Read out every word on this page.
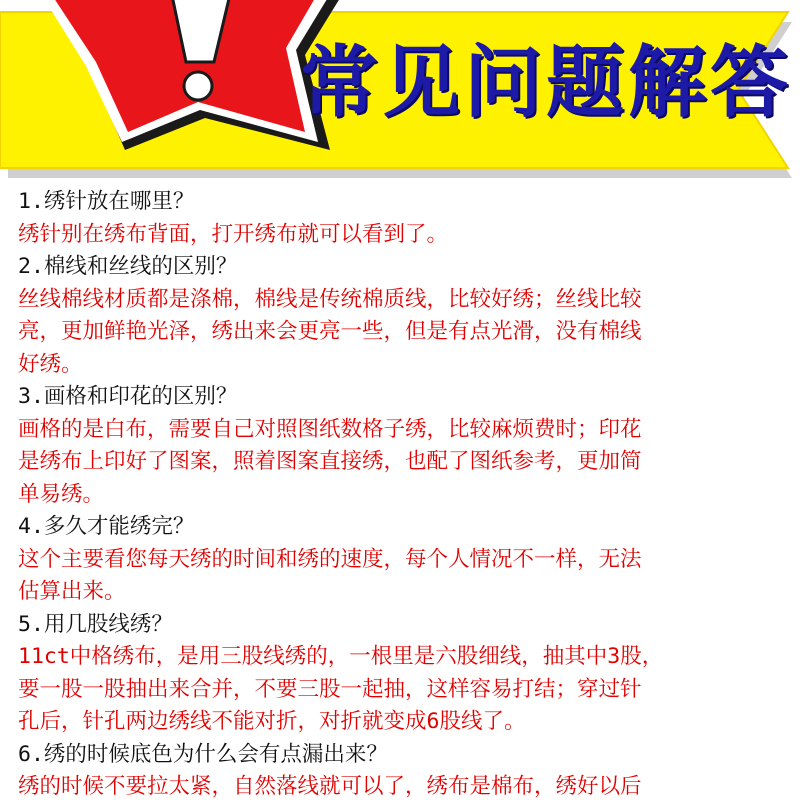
常见问题解答
1.绣针放在哪里？
绣针别在绣布背面，打开绣布就可以看到了。
2.棉线和丝线的区别？
丝线棉线材质都是涤棉，棉线是传统棉质线，比较好绣；丝线比较
亮，更加鲜艳光泽，绣出来会更亮一些，但是有点光滑，没有棉线
好绣。
3.画格和印花的区别？
画格的是白布，需要自己对照图纸数格子绣，比较麻烦费时；印花
是绣布上印好了图案，照着图案直接绣，也配了图纸参考，更加简
单易绣。
4.多久才能绣完？
这个主要看您每天绣的时间和绣的速度，每个人情况不一样，无法
估算出来。
5.用几股线绣？
11ct中格绣布，是用三股线绣的，一根里是六股细线，抽其中3股，
要一股一股抽出来合并，不要三股一起抽，这样容易打结；穿过针
孔后，针孔两边绣线不能对折，对折就变成6股线了。
6.绣的时候底色为什么会有点漏出来？
绣的时候不要拉太紧，自然落线就可以了，绣布是棉布，绣好以后
